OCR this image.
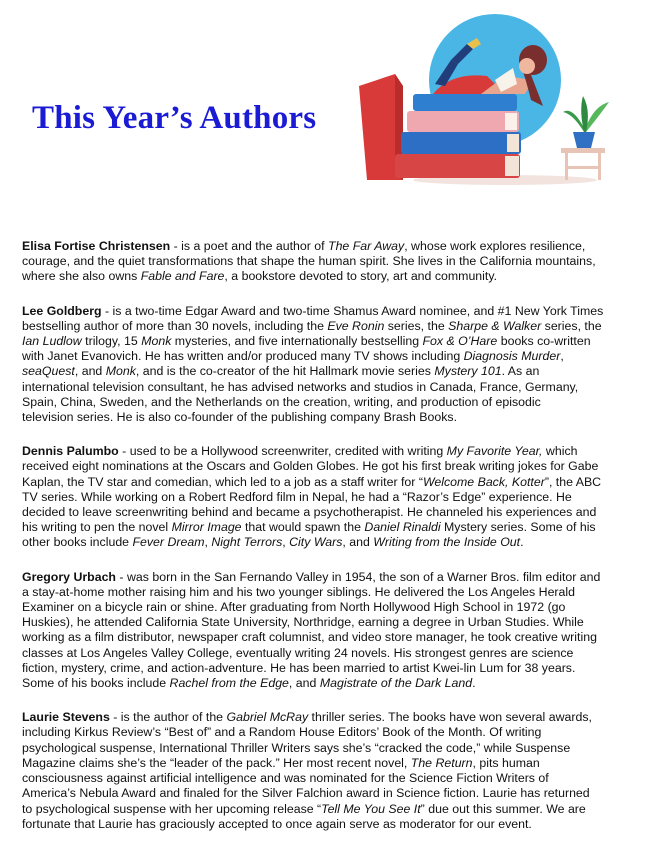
This Year’s Authors

Elisa Fortise Christensen - is a poet and the author of The Far Away, whose work explores resilience,
courage, and the quiet transformations that shape the human spirit. She lives in the California mountains,
where she also owns Fable and Fare, a bookstore devoted to story, art and community.

Lee Goldberg - is a two-time Edgar Award and two-time Shamus Award nominee, and #1 New York Times
bestselling author of more than 30 novels, including the Eve Ronin series, the Sharpe & Walker series, the
Ian Ludlow trilogy, 15 Monk mysteries, and five internationally bestselling Fox & O’Hare books co-written
with Janet Evanovich. He has written and/or produced many TV shows including Diagnosis Murder,
seaQuest, and Monk, and is the co-creator of the hit Hallmark movie series Mystery 101. As an
international television consultant, he has advised networks and studios in Canada, France, Germany,
Spain, China, Sweden, and the Netherlands on the creation, writing, and production of episodic
television series. He is also co-founder of the publishing company Brash Books.

Dennis Palumbo - used to be a Hollywood screenwriter, credited with writing My Favorite Year, which
received eight nominations at the Oscars and Golden Globes. He got his first break writing jokes for Gabe
Kaplan, the TV star and comedian, which led to a job as a staff writer for “Welcome Back, Kotter”, the ABC
TV series. While working on a Robert Redford film in Nepal, he had a “Razor’s Edge” experience. He
decided to leave screenwriting behind and became a psychotherapist. He channeled his experiences and
his writing to pen the novel Mirror Image that would spawn the Daniel Rinaldi Mystery series. Some of his
other books include Fever Dream, Night Terrors, City Wars, and Writing from the Inside Out.

Gregory Urbach - was born in the San Fernando Valley in 1954, the son of a Warner Bros. film editor and
a stay-at-home mother raising him and his two younger siblings. He delivered the Los Angeles Herald
Examiner on a bicycle rain or shine. After graduating from North Hollywood High School in 1972 (go
Huskies), he attended California State University, Northridge, earning a degree in Urban Studies. While
working as a film distributor, newspaper craft columnist, and video store manager, he took creative writing
classes at Los Angeles Valley College, eventually writing 24 novels. His strongest genres are science
fiction, mystery, crime, and action-adventure. He has been married to artist Kwei-lin Lum for 38 years.
Some of his books include Rachel from the Edge, and Magistrate of the Dark Land.

Laurie Stevens - is the author of the Gabriel McRay thriller series. The books have won several awards,
including Kirkus Review’s “Best of” and a Random House Editors’ Book of the Month. Of writing
psychological suspense, International Thriller Writers says she’s “cracked the code,” while Suspense
Magazine claims she’s the “leader of the pack.” Her most recent novel, The Return, pits human
consciousness against artificial intelligence and was nominated for the Science Fiction Writers of
America’s Nebula Award and finaled for the Silver Falchion award in Science fiction. Laurie has returned
to psychological suspense with her upcoming release “Tell Me You See It” due out this summer. We are
fortunate that Laurie has graciously accepted to once again serve as moderator for our event.
